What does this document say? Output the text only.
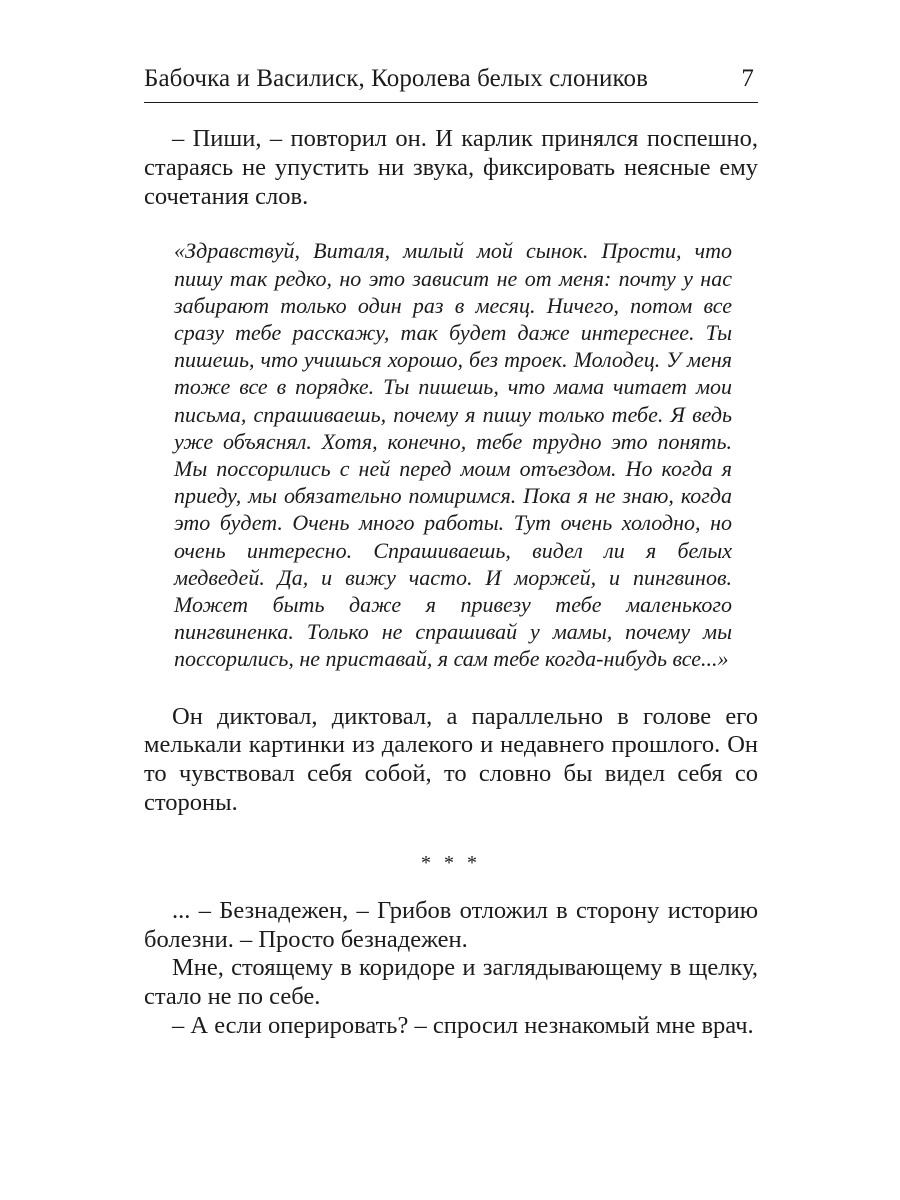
Бабочка и Василиск, Королева белых слоников	7

– Пиши, – повторил он. И карлик принялся поспешно, стараясь не упустить ни звука, фиксировать неясные ему сочетания слов.

«Здравствуй, Виталя, милый мой сынок. Прости, что пишу так редко, но это зависит не от меня: почту у нас забирают только один раз в месяц. Ничего, потом все сразу тебе расскажу, так будет даже интереснее. Ты пишешь, что учишься хорошо, без троек. Молодец. У меня тоже все в порядке. Ты пишешь, что мама читает мои письма, спрашиваешь, почему я пишу только тебе. Я ведь уже объяснял. Хотя, конечно, тебе трудно это понять. Мы поссорились с ней перед моим отъездом. Но когда я приеду, мы обязательно помиримся. Пока я не знаю, когда это будет. Очень много работы. Тут очень холодно, но очень интересно. Спрашиваешь, видел ли я белых медведей. Да, и вижу часто. И моржей, и пингвинов. Может быть даже я привезу тебе маленького пингвиненка. Только не спрашивай у мамы, почему мы поссорились, не приставай, я сам тебе когда-нибудь все...»

Он диктовал, диктовал, а параллельно в голове его мелькали картинки из далекого и недавнего прошлого. Он то чувствовал себя собой, то словно бы видел себя со стороны.

* * *

... – Безнадежен, – Грибов отложил в сторону историю болезни. – Просто безнадежен.

Мне, стоящему в коридоре и заглядывающему в щелку, стало не по себе.

– А если оперировать? – спросил незнакомый мне врач.
